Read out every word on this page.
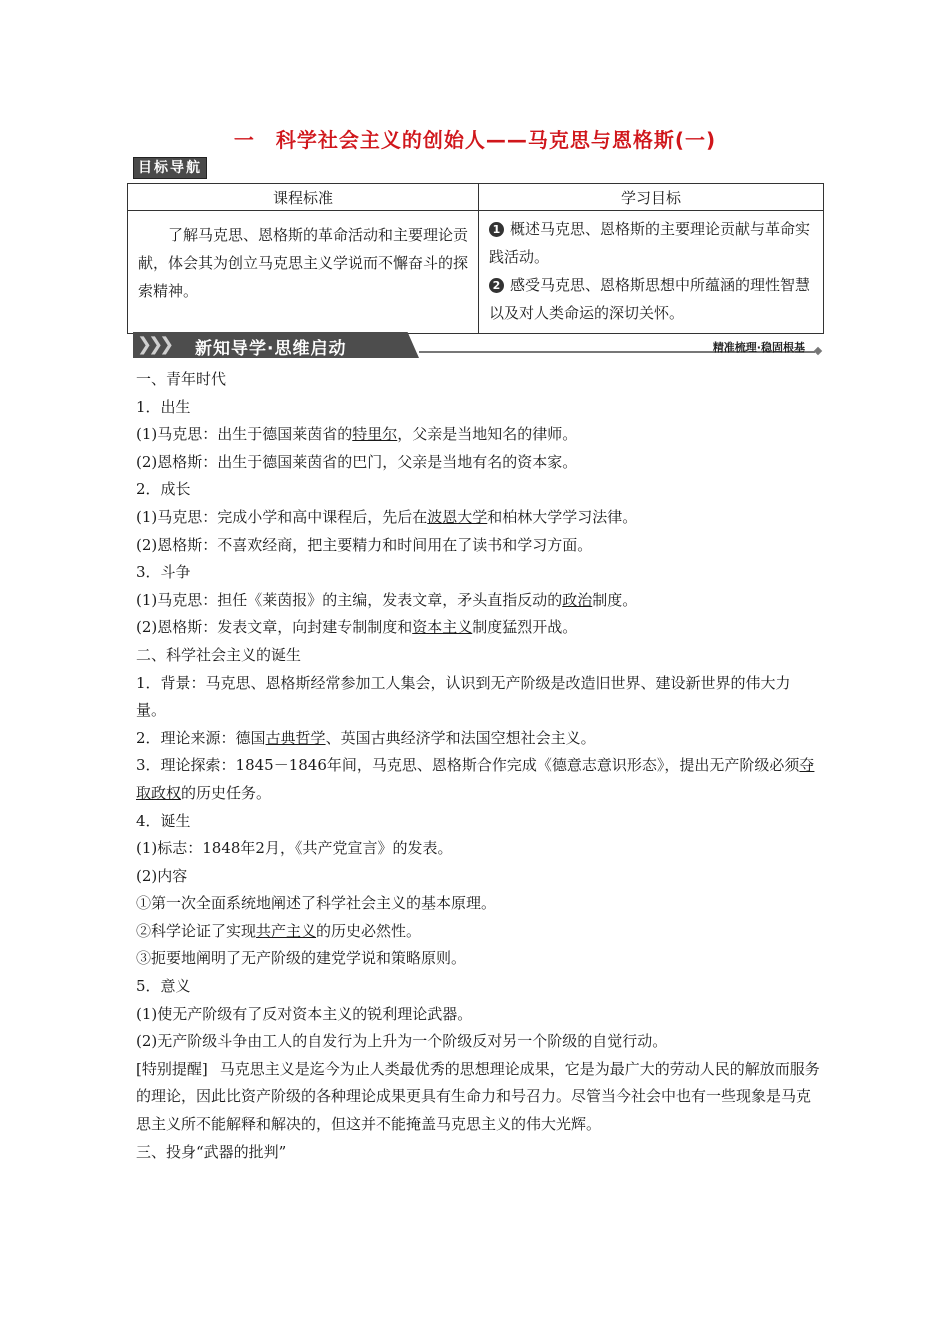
一　科学社会主义的创始人——马克思与恩格斯(一)
目标导航
课程标准	学习目标

了解马克思、恩格斯的革命活动和主要理论贡献，体会其为创立马克思主义学说而不懈奋斗的探索精神。	1 概述马克思、恩格斯的主要理论贡献与革命实践活动。
2 感受马克思、恩格斯思想中所蕴涵的理性智慧以及对人类命运的深切关怀。
❯❯❯ 新知导学·思维启动	精准梳理·稳固根基

一、青年时代

1．出生

(1)马克思：出生于德国莱茵省的特里尔，父亲是当地知名的律师。

(2)恩格斯：出生于德国莱茵省的巴门，父亲是当地有名的资本家。

2．成长

(1)马克思：完成小学和高中课程后，先后在波恩大学和柏林大学学习法律。

(2)恩格斯：不喜欢经商，把主要精力和时间用在了读书和学习方面。

3．斗争

(1)马克思：担任《莱茵报》的主编，发表文章，矛头直指反动的政治制度。

(2)恩格斯：发表文章，向封建专制制度和资本主义制度猛烈开战。

二、科学社会主义的诞生

1．背景：马克思、恩格斯经常参加工人集会，认识到无产阶级是改造旧世界、建设新世界的伟大力量。

2．理论来源：德国古典哲学、英国古典经济学和法国空想社会主义。

3．理论探索：1845－1846年间，马克思、恩格斯合作完成《德意志意识形态》，提出无产阶级必须夺取政权的历史任务。

4．诞生

(1)标志：1848年2月，《共产党宣言》的发表。

(2)内容

①第一次全面系统地阐述了科学社会主义的基本原理。

②科学论证了实现共产主义的历史必然性。

③扼要地阐明了无产阶级的建党学说和策略原则。

5．意义

(1)使无产阶级有了反对资本主义的锐利理论武器。

(2)无产阶级斗争由工人的自发行为上升为一个阶级反对另一个阶级的自觉行动。

[特别提醒] 马克思主义是迄今为止人类最优秀的思想理论成果，它是为最广大的劳动人民的解放而服务的理论，因此比资产阶级的各种理论成果更具有生命力和号召力。尽管当今社会中也有一些现象是马克思主义所不能解释和解决的，但这并不能掩盖马克思主义的伟大光辉。

三、投身“武器的批判”
